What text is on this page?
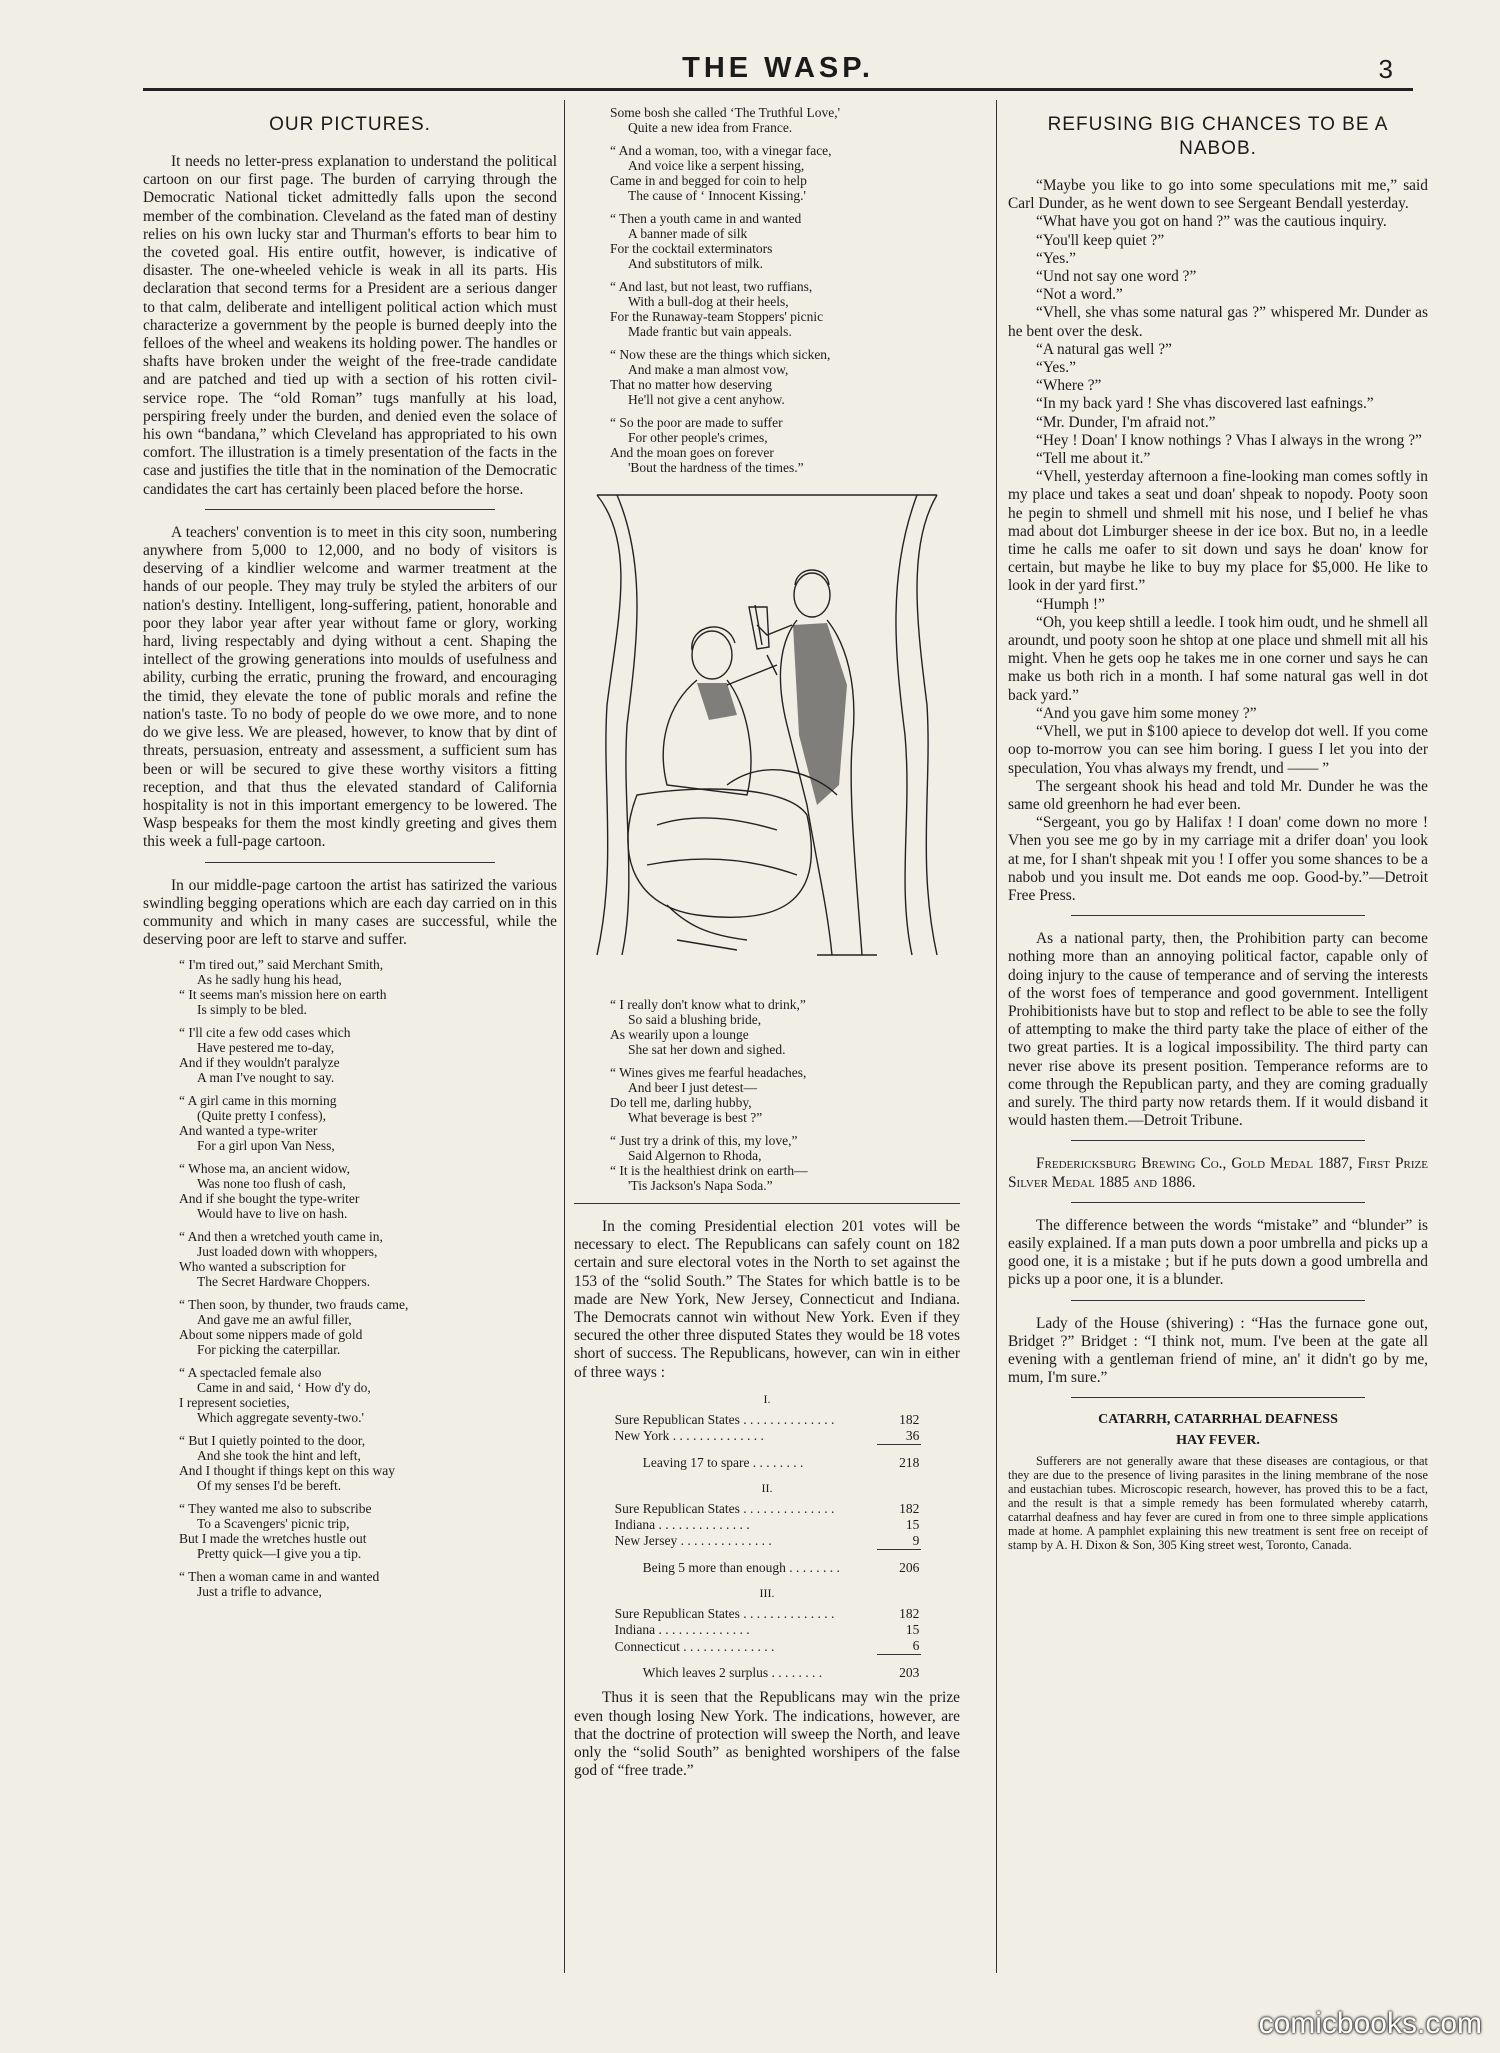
THE WASP.	3
OUR PICTURES.

It needs no letter-press explanation to understand the political cartoon on our first page. The burden of carrying through the Democratic National ticket admittedly falls upon the second member of the combination. Cleveland as the fated man of destiny relies on his own lucky star and Thurman's efforts to bear him to the coveted goal. His entire outfit, however, is indicative of disaster. The one-wheeled vehicle is weak in all its parts. His declaration that second terms for a President are a serious danger to that calm, deliberate and intelligent political action which must characterize a government by the people is burned deeply into the felloes of the wheel and weakens its holding power. The handles or shafts have broken under the weight of the free-trade candidate and are patched and tied up with a section of his rotten civil-service rope. The “old Roman” tugs manfully at his load, perspiring freely under the burden, and denied even the solace of his own “bandana,” which Cleveland has appropriated to his own comfort. The illustration is a timely presentation of the facts in the case and justifies the title that in the nomination of the Democratic candidates the cart has certainly been placed before the horse.

A teachers' convention is to meet in this city soon, numbering anywhere from 5,000 to 12,000, and no body of visitors is deserving of a kindlier welcome and warmer treatment at the hands of our people. They may truly be styled the arbiters of our nation's destiny. Intelligent, long-suffering, patient, honorable and poor they labor year after year without fame or glory, working hard, living respectably and dying without a cent. Shaping the intellect of the growing generations into moulds of usefulness and ability, curbing the erratic, pruning the froward, and encouraging the timid, they elevate the tone of public morals and refine the nation's taste. To no body of people do we owe more, and to none do we give less. We are pleased, however, to know that by dint of threats, persuasion, entreaty and assessment, a sufficient sum has been or will be secured to give these worthy visitors a fitting reception, and that thus the elevated standard of California hospitality is not in this important emergency to be lowered. The Wasp bespeaks for them the most kindly greeting and gives them this week a full-page cartoon.

In our middle-page cartoon the artist has satirized the various swindling begging operations which are each day carried on in this community and which in many cases are successful, while the deserving poor are left to starve and suffer.

“ I'm tired out,” said Merchant Smith,
As he sadly hung his head,
“ It seems man's mission here on earth
Is simply to be bled.
“ I'll cite a few odd cases which
Have pestered me to-day,
And if they wouldn't paralyze
A man I've nought to say.
“ A girl came in this morning
(Quite pretty I confess),
And wanted a type-writer
For a girl upon Van Ness,
“ Whose ma, an ancient widow,
Was none too flush of cash,
And if she bought the type-writer
Would have to live on hash.
“ And then a wretched youth came in,
Just loaded down with whoppers,
Who wanted a subscription for
The Secret Hardware Choppers.
“ Then soon, by thunder, two frauds came,
And gave me an awful filler,
About some nippers made of gold
For picking the caterpillar.
“ A spectacled female also
Came in and said, ‘ How d'y do,
I represent societies,
Which aggregate seventy-two.'
“ But I quietly pointed to the door,
And she took the hint and left,
And I thought if things kept on this way
Of my senses I'd be bereft.
“ They wanted me also to subscribe
To a Scavengers' picnic trip,
But I made the wretches hustle out
Pretty quick—I give you a tip.
“ Then a woman came in and wanted
Just a trifle to advance,
Some bosh she called ‘The Truthful Love,'
Quite a new idea from France.
“ And a woman, too, with a vinegar face,
And voice like a serpent hissing,
Came in and begged for coin to help
The cause of ‘ Innocent Kissing.'
“ Then a youth came in and wanted
A banner made of silk
For the cocktail exterminators
And substitutors of milk.
“ And last, but not least, two ruffians,
With a bull-dog at their heels,
For the Runaway-team Stoppers' picnic
Made frantic but vain appeals.
“ Now these are the things which sicken,
And make a man almost vow,
That no matter how deserving
He'll not give a cent anyhow.
“ So the poor are made to suffer
For other people's crimes,
And the moan goes on forever
'Bout the hardness of the times.”
“ I really don't know what to drink,”
So said a blushing bride,
As wearily upon a lounge
She sat her down and sighed.
“ Wines gives me fearful headaches,
And beer I just detest—
Do tell me, darling hubby,
What beverage is best ?”
“ Just try a drink of this, my love,”
Said Algernon to Rhoda,
“ It is the healthiest drink on earth—
'Tis Jackson's Napa Soda.”

In the coming Presidential election 201 votes will be necessary to elect. The Republicans can safely count on 182 certain and sure electoral votes in the North to set against the 153 of the “solid South.” The States for which battle is to be made are New York, New Jersey, Connecticut and Indiana. The Democrats cannot win without New York. Even if they secured the other three disputed States they would be 18 votes short of success. The Republicans, however, can win in either of three ways :

I.
Sure Republican States . . . . . . . . . . . . . .	182
New York . . . . . . . . . . . . . .	36
Leaving 17 to spare . . . . . . . .	218
II.
Sure Republican States . . . . . . . . . . . . . .	182
Indiana . . . . . . . . . . . . . .	15
New Jersey . . . . . . . . . . . . . .	9
Being 5 more than enough . . . . . . . .	206
III.
Sure Republican States . . . . . . . . . . . . . .	182
Indiana . . . . . . . . . . . . . .	15
Connecticut . . . . . . . . . . . . . .	6
Which leaves 2 surplus . . . . . . . .	203

Thus it is seen that the Republicans may win the prize even though losing New York. The indications, however, are that the doctrine of protection will sweep the North, and leave only the “solid South” as benighted worshipers of the false god of “free trade.”

REFUSING BIG CHANCES TO BE A NABOB.

“Maybe you like to go into some speculations mit me,” said Carl Dunder, as he went down to see Sergeant Bendall yesterday.

“What have you got on hand ?” was the cautious inquiry.

“You'll keep quiet ?”

“Yes.”

“Und not say one word ?”

“Not a word.”

“Vhell, she vhas some natural gas ?” whispered Mr. Dunder as he bent over the desk.

“A natural gas well ?”

“Yes.”

“Where ?”

“In my back yard ! She vhas discovered last eafnings.”

“Mr. Dunder, I'm afraid not.”

“Hey ! Doan' I know nothings ? Vhas I always in the wrong ?”

“Tell me about it.”

“Vhell, yesterday afternoon a fine-looking man comes softly in my place und takes a seat und doan' shpeak to nopody. Pooty soon he pegin to shmell und shmell mit his nose, und I belief he vhas mad about dot Limburger sheese in der ice box. But no, in a leedle time he calls me oafer to sit down und says he doan' know for certain, but maybe he like to buy my place for $5,000. He like to look in der yard first.”

“Humph !”

“Oh, you keep shtill a leedle. I took him oudt, und he shmell all aroundt, und pooty soon he shtop at one place und shmell mit all his might. Vhen he gets oop he takes me in one corner und says he can make us both rich in a month. I haf some natural gas well in dot back yard.”

“And you gave him some money ?”

“Vhell, we put in $100 apiece to develop dot well. If you come oop to-morrow you can see him boring. I guess I let you into der speculation, You vhas always my frendt, und —— ”

The sergeant shook his head and told Mr. Dunder he was the same old greenhorn he had ever been.

“Sergeant, you go by Halifax ! I doan' come down no more ! Vhen you see me go by in my carriage mit a drifer doan' you look at me, for I shan't shpeak mit you ! I offer you some shances to be a nabob und you insult me. Dot eands me oop. Good-by.”—Detroit Free Press.

As a national party, then, the Prohibition party can become nothing more than an annoying political factor, capable only of doing injury to the cause of temperance and of serving the interests of the worst foes of temperance and good government. Intelligent Prohibitionists have but to stop and reflect to be able to see the folly of attempting to make the third party take the place of either of the two great parties. It is a logical impossibility. The third party can never rise above its present position. Temperance reforms are to come through the Republican party, and they are coming gradually and surely. The third party now retards them. If it would disband it would hasten them.—Detroit Tribune.

Fredericksburg Brewing Co., Gold Medal 1887, First Prize Silver Medal 1885 and 1886.

The difference between the words “mistake” and “blunder” is easily explained. If a man puts down a poor umbrella and picks up a good one, it is a mistake ; but if he puts down a good umbrella and picks up a poor one, it is a blunder.

Lady of the House (shivering) : “Has the furnace gone out, Bridget ?” Bridget : “I think not, mum. I've been at the gate all evening with a gentleman friend of mine, an' it didn't go by me, mum, I'm sure.”

CATARRH, CATARRHAL DEAFNESS
HAY FEVER.

Sufferers are not generally aware that these diseases are contagious, or that they are due to the presence of living parasites in the lining membrane of the nose and eustachian tubes. Microscopic research, however, has proved this to be a fact, and the result is that a simple remedy has been formulated whereby catarrh, catarrhal deafness and hay fever are cured in from one to three simple applications made at home. A pamphlet explaining this new treatment is sent free on receipt of stamp by A. H. Dixon & Son, 305 King street west, Toronto, Canada.

comicbooks.com
